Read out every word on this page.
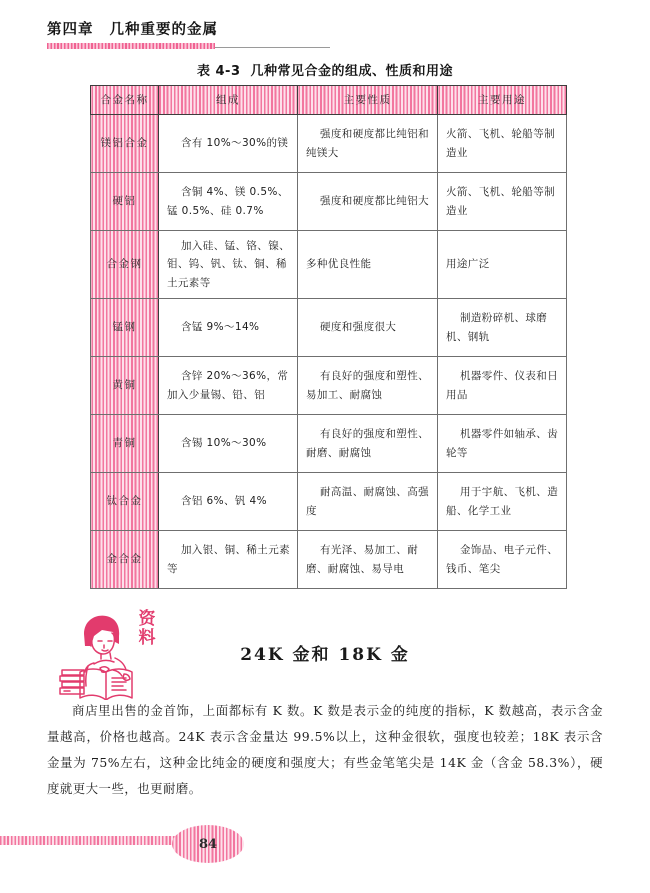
第四章 几种重要的金属
表 4-3 几种常见合金的组成、性质和用途
合金名称	组成	主要性质	主要用途
镁铝合金	含有 10%～30%的镁	强度和硬度都比纯铝和纯镁大	火箭、飞机、轮船等制造业
硬铝	含铜 4%、镁 0.5%、锰 0.5%、硅 0.7%	强度和硬度都比纯铝大	火箭、飞机、轮船等制造业
合金钢	加入硅、锰、铬、镍、钼、钨、钒、钛、铜、稀土元素等	多种优良性能	用途广泛
锰钢	含锰 9%～14%	硬度和强度很大	制造粉碎机、球磨机、钢轨
黄铜	含锌 20%～36%，常加入少量锡、铅、铝	有良好的强度和塑性、易加工、耐腐蚀	机器零件、仪表和日用品
青铜	含锡 10%～30%	有良好的强度和塑性、耐磨、耐腐蚀	机器零件如轴承、齿轮等
钛合金	含铝 6%、钒 4%	耐高温、耐腐蚀、高强度	用于宇航、飞机、造船、化学工业
金合金	加入银、铜、稀土元素等	有光泽、易加工、耐磨、耐腐蚀、易导电	金饰品、电子元件、钱币、笔尖
资料
24K 金和 18K 金

商店里出售的金首饰，上面都标有 K 数。K 数是表示金的纯度的指标，K 数越高，表示含金量越高，价格也越高。24K 表示含金量达 99.5%以上，这种金很软，强度也较差；18K 表示含金量为 75%左右，这种金比纯金的硬度和强度大；有些金笔笔尖是 14K 金（含金 58.3%），硬度就更大一些，也更耐磨。

84
